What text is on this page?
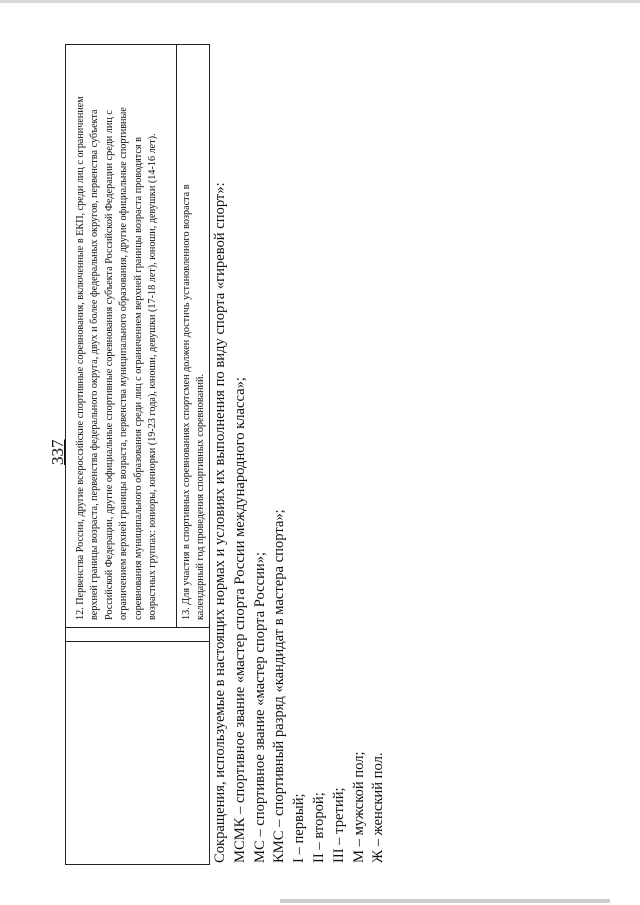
337 12. Первенства России, другие всероссийские спортивные соревнования, включенные в ЕКП, среди лиц с ограничением верхней границы возраста, первенства федерального округа, двух и более федеральных округов, первенства субъекта Российской Федерации, другие официальные спортивные соревнования субъекта Российской Федерации среди лиц с ограничением верхней границы возраста, первенства муниципального образования, другие официальные спортивные соревнования муниципального образования среди лиц с ограничением верхней границы возраста проводятся в возрастных группах: юниоры, юниорки (19-23 года), юноши, девушки (17-18 лет), юноши, девушки (14-16 лет). 13. Для участия в спортивных соревнованиях спортсмен должен достичь установленного возраста в календарный год проведения спортивных соревнований. Сокращения, используемые в настоящих нормах и условиях их выполнения по виду спорта «гиревой спорт»: МСМК – спортивное звание «мастер спорта России международного класса»; МС – спортивное звание «мастер спорта России»; КМС – спортивный разряд «кандидат в мастера спорта»; I – первый; II – второй; III – третий; М – мужской пол; Ж – женский пол.
